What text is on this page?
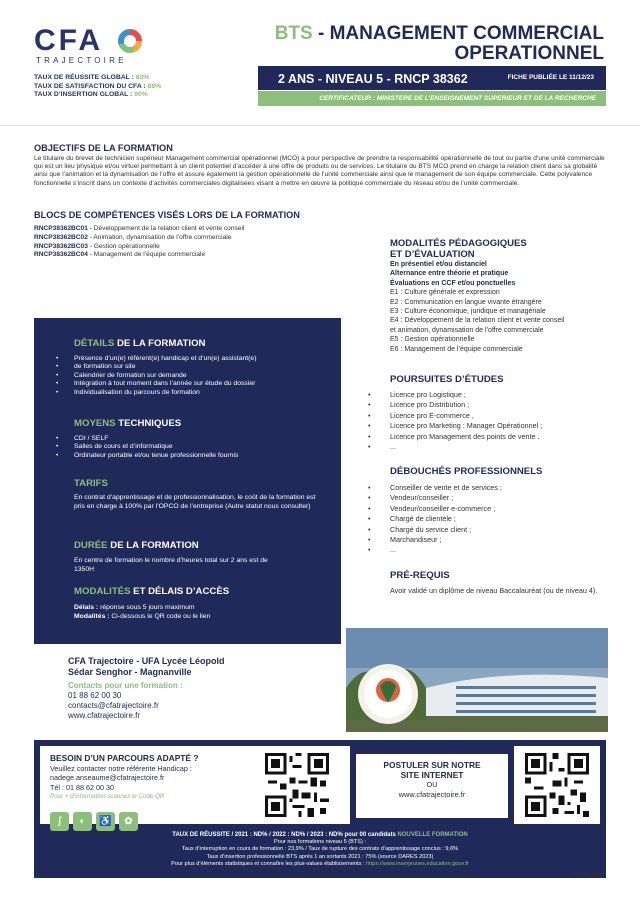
CFA
TRAJECTOIRE
TAUX DE RÉUSSITE GLOBAL : 83%
TAUX DE SATISFACTION DU CFA : 88%
TAUX D’INSERTION GLOBAL : 90%
BTS - MANAGEMENT COMMERCIAL
OPERATIONNEL
2 ANS - NIVEAU 5 - RNCP 38362	FICHE PUBLIÉE LE 11/12/23
CERTIFICATEUR : MINISTERE DE L’ENSEIGNEMENT SUPERIEUR ET DE LA RECHERCHE
OBJECTIFS DE LA FORMATION

Le titulaire du brevet de technicien supérieur Management commercial opérationnel (MCO) a pour perspective de prendre la responsabilité opérationnelle de tout ou partie d’une unité commerciale qui est un lieu physique et/ou virtuel permettant à un client potentiel d’accéder à une offre de produits ou de services. Le titulaire du BTS MCO prend en charge la relation client dans sa globalité ainsi que l’animation et la dynamisation de l’offre et assure également la gestion opérationnelle de l’unité commerciale ainsi que le management de son équipe commerciale. Cette polyvalence fonctionnelle s’inscrit dans un contexte d’activités commerciales digitalisées visant à mettre en œuvre la politique commerciale du réseau et/ou de l’unité commerciale.

BLOCS DE COMPÉTENCES VISÉS LORS DE LA FORMATION
RNCP38362BC01 - Développement de la relation client et vente conseil
RNCP38362BC02 - Animation, dynamisation de l’offre commerciale
RNCP38362BC03 - Gestion opérationnelle
RNCP38362BC04 - Management de l’équipe commerciale
MODALITÉS PÉDAGOGIQUES
ET D’ÉVALUATION
En présentiel et/ou distanciel
Alternance entre théorie et pratique
Évaluations en CCF et/ou ponctuelles
E1 : Culture générale et expression
E2 : Communication en langue vivante étrangère
E3 : Culture économique, juridique et managériale
E4 : Développement de la relation client et vente conseil
et animation, dynamisation de l’offre commerciale
E5 : Gestion opérationnelle
E6 : Management de l’équipe commerciale
POURSUITES D’ÉTUDES
• Licence pro Logistique ;
• Licence pro Distribution ;
• Licence pro E-commerce ,
• Licence pro Marketing : Manager Opérationnel ;
• Licence pro Management des points de vente .
• ...
DÉBOUCHÉS PROFESSIONNELS
• Conseiller de vente et de services ;
• Vendeur/conseiller ;
• Vendeur/conseiller e-commerce ;
• Chargé de clientèle ;
• Chargé du service client ;
• Marchandiseur ;
• ...
PRÉ-REQUIS

Avoir validé un diplôme de niveau Baccalauréat (ou de niveau 4).

DÉTAILS DE LA FORMATION
• Présence d’un(e) référent(e) handicap et d’un(e) assistant(e)
• de formation sur site
• Calendrier de formation sur demande
• Intégration à tout moment dans l’année sur étude du dossier
• Individualisation du parcours de formation
MOYENS TECHNIQUES
• CDI / SELF
• Salles de cours et d’informatique
• Ordinateur portable et/ou tenue professionnelle fournis
TARIFS

En contrat d’apprentissage et de professionnalisation, le coût de la formation est pris en charge à 100% par l’OPCO de l’entreprise (Autre statut nous consulter)

DURÉE DE LA FORMATION

En centre de formation le nombre d’heures total sur 2 ans est de 1350H

MODALITÉS ET DÉLAIS D’ACCÈS
Délais : réponse sous 5 jours maximum
Modalités : Ci-dessous le QR code ou le lien
CFA Trajectoire - UFA Lycée Léopold
Sédar Senghor - Magnanville
Contacts pour une formation :
01 88 62 00 30
contacts@cfatrajectoire.fr
www.cfatrajectoire.fr
BESOIN D’UN PARCOURS ADAPTÉ ?
Veuillez contacter notre référente Handicap :
nadege.anseaume@cfatrajectoire.fr
Tél : 01 88 62 00 30
Pour + d’information scannez le Code QR
POSTULER SUR NOTRE
SITE INTERNET
OU
www.cfatrajectoire.fr
ʃ	◐	♿	✿
TAUX DE RÉUSSITE / 2021 : ND% / 2022 : ND% / 2023 : ND% pour 00 candidats NOUVELLE FORMATION
Pour nos formations niveau 5 (BTS) :
Taux d’interruption en cours de formation : 23,9% / Taux de rupture des contrats d’apprentissage conclus : 9,6%
Taux d’insertion professionnelle BTS après 1 an sortants 2021 : 75% (source DARES 2023)
Pour plus d’éléments statistiques et connaître les plus-values établissements : https://www.inserjeunes.education.gouv.fr
Janvier 2024
